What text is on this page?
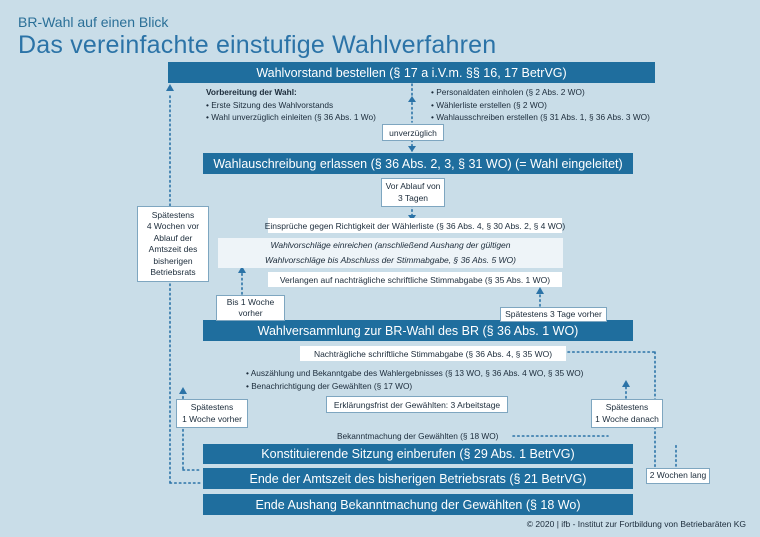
BR-Wahl auf einen Blick
Das vereinfachte einstufige Wahlverfahren
Wahlvorstand bestellen (§ 17 a i.V.m. §§ 16, 17 BetrVG)
Wahlauschreibung erlassen (§ 36 Abs. 2, 3, § 31 WO) (= Wahl eingeleitet)
Wahlversammlung zur BR-Wahl des BR (§ 36 Abs. 1 WO)
Konstituierende Sitzung einberufen (§ 29 Abs. 1 BetrVG)
Ende der Amtszeit des bisherigen Betriebsrats (§ 21 BetrVG)
Ende Aushang Bekanntmachung der Gewählten (§ 18 Wo)
Vorbereitung der Wahl:
• Erste Sitzung des Wahlvorstands
• Wahl unverzüglich einleiten (§ 36 Abs. 1 Wo)
• Personaldaten einholen (§ 2 Abs. 2 WO)
• Wählerliste erstellen (§ 2 WO)
• Wahlausschreiben erstellen (§ 31 Abs. 1, § 36 Abs. 3 WO)
unverzüglich
Vor Ablauf von
3 Tagen
Einsprüche gegen Richtigkeit der Wählerliste (§ 36 Abs. 4, § 30 Abs. 2, § 4 WO)
Wahlvorschläge einreichen (anschließend Aushang der gültigen
Wahlvorschläge bis Abschluss der Stimmabgabe, § 36 Abs. 5 WO)
Verlangen auf nachträgliche schriftliche Stimmabgabe (§ 35 Abs. 1 WO)
Bis 1 Woche
vorher	Spätestens 3 Tage vorher
Nachträgliche schriftliche Stimmabgabe (§ 36 Abs. 4, § 35 WO)
• Auszählung und Bekanntgabe des Wahlergebnisses (§ 13 WO, § 36 Abs. 4 WO, § 35 WO)
• Benachrichtigung der Gewählten (§ 17 WO)
Erklärungsfrist der Gewählten: 3 Arbeitstage
Bekanntmachung der Gewählten (§ 18 WO)
Spätestens
4 Wochen vor
Ablauf der
Amtszeit des
bisherigen
Betriebsrats
Spätestens
1 Woche vorher
Spätestens
1 Woche danach
2 Wochen lang
© 2020 | ifb - Institut zur Fortbildung von Betriebaräten KG
